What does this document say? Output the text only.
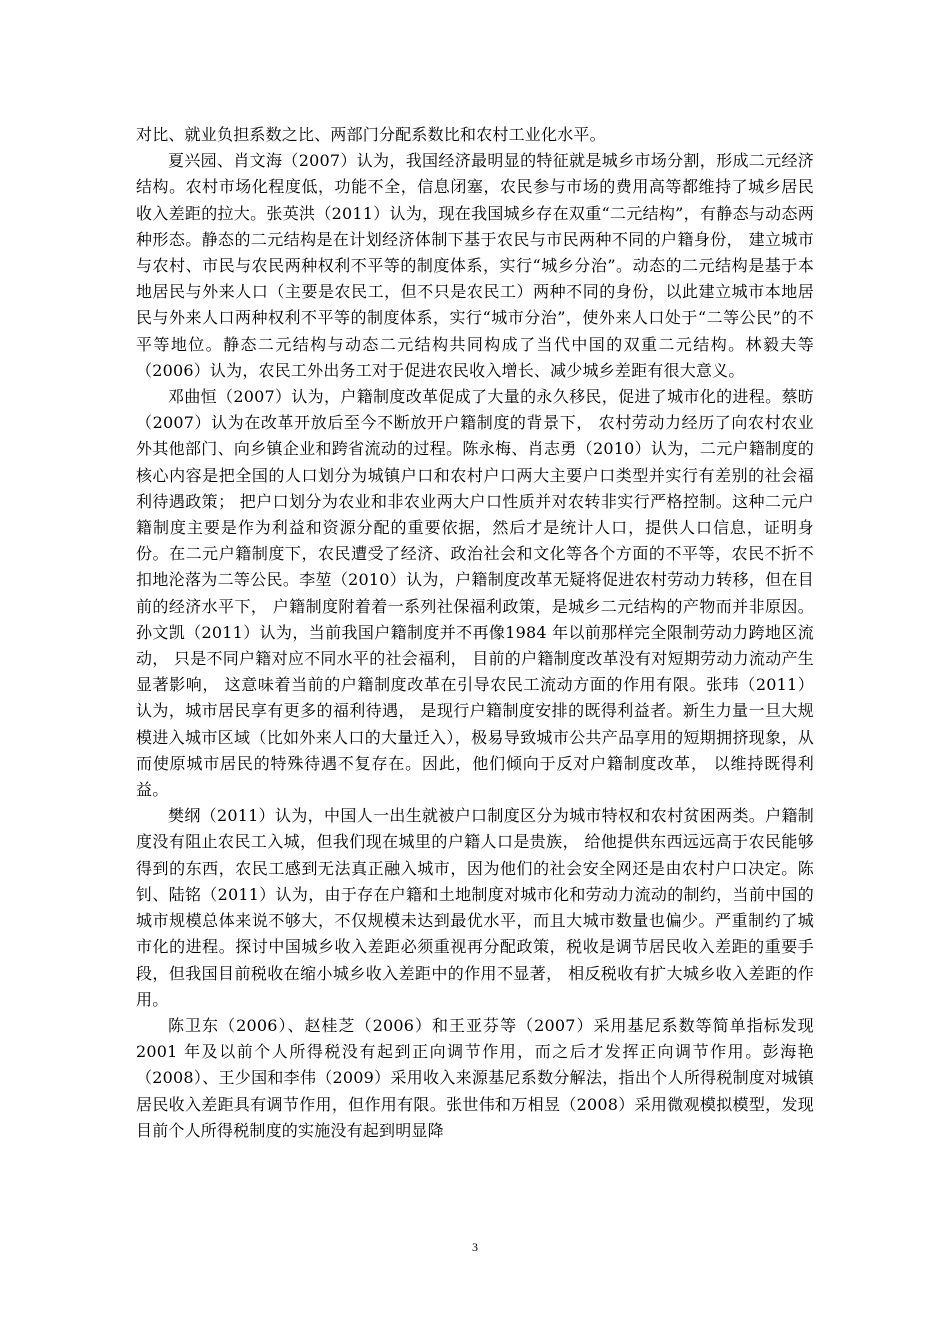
对比、就业负担系数之比、两部门分配系数比和农村工业化水平。

夏兴园、肖文海（2007）认为，我国经济最明显的特征就是城乡市场分割，形成二元经济结构。农村市场化程度低，功能不全，信息闭塞，农民参与市场的费用高等都维持了城乡居民收入差距的拉大。张英洪（2011）认为，现在我国城乡存在双重“二元结构”，有静态与动态两种形态。静态的二元结构是在计划经济体制下基于农民与市民两种不同的户籍身份， 建立城市与农村、市民与农民两种权利不平等的制度体系，实行“城乡分治”。动态的二元结构是基于本地居民与外来人口（主要是农民工，但不只是农民工）两种不同的身份，以此建立城市本地居民与外来人口两种权利不平等的制度体系，实行“城市分治”，使外来人口处于“二等公民”的不平等地位。静态二元结构与动态二元结构共同构成了当代中国的双重二元结构。林毅夫等（2006）认为，农民工外出务工对于促进农民收入增长、减少城乡差距有很大意义。

邓曲恒（2007）认为，户籍制度改革促成了大量的永久移民，促进了城市化的进程。蔡昉（2007）认为在改革开放后至今不断放开户籍制度的背景下， 农村劳动力经历了向农村农业外其他部门、向乡镇企业和跨省流动的过程。陈永梅、肖志勇（2010）认为，二元户籍制度的核心内容是把全国的人口划分为城镇户口和农村户口两大主要户口类型并实行有差别的社会福利待遇政策； 把户口划分为农业和非农业两大户口性质并对农转非实行严格控制。这种二元户籍制度主要是作为利益和资源分配的重要依据，然后才是统计人口，提供人口信息，证明身份。在二元户籍制度下，农民遭受了经济、政治社会和文化等各个方面的不平等，农民不折不扣地沦落为二等公民。李堃（2010）认为，户籍制度改革无疑将促进农村劳动力转移，但在目前的经济水平下， 户籍制度附着着一系列社保福利政策，是城乡二元结构的产物而并非原因。孙文凯（2011）认为，当前我国户籍制度并不再像1984 年以前那样完全限制劳动力跨地区流动， 只是不同户籍对应不同水平的社会福利， 目前的户籍制度改革没有对短期劳动力流动产生显著影响， 这意味着当前的户籍制度改革在引导农民工流动方面的作用有限。张玮（2011）认为，城市居民享有更多的福利待遇， 是现行户籍制度安排的既得利益者。新生力量一旦大规模进入城市区域（比如外来人口的大量迁入），极易导致城市公共产品享用的短期拥挤现象，从而使原城市居民的特殊待遇不复存在。因此，他们倾向于反对户籍制度改革， 以维持既得利益。

樊纲（2011）认为，中国人一出生就被户口制度区分为城市特权和农村贫困两类。户籍制度没有阻止农民工入城，但我们现在城里的户籍人口是贵族， 给他提供东西远远高于农民能够得到的东西，农民工感到无法真正融入城市，因为他们的社会安全网还是由农村户口决定。陈钊、陆铭（2011）认为，由于存在户籍和土地制度对城市化和劳动力流动的制约，当前中国的城市规模总体来说不够大，不仅规模未达到最优水平，而且大城市数量也偏少。严重制约了城市化的进程。探讨中国城乡收入差距必须重视再分配政策，税收是调节居民收入差距的重要手段，但我国目前税收在缩小城乡收入差距中的作用不显著， 相反税收有扩大城乡收入差距的作用。

陈卫东（2006）、赵桂芝（2006）和王亚芬等（2007）采用基尼系数等简单指标发现2001 年及以前个人所得税没有起到正向调节作用，而之后才发挥正向调节作用。彭海艳（2008）、王少国和李伟（2009）采用收入来源基尼系数分解法，指出个人所得税制度对城镇居民收入差距具有调节作用，但作用有限。张世伟和万相昱（2008）采用微观模拟模型，发现目前个人所得税制度的实施没有起到明显降

3
